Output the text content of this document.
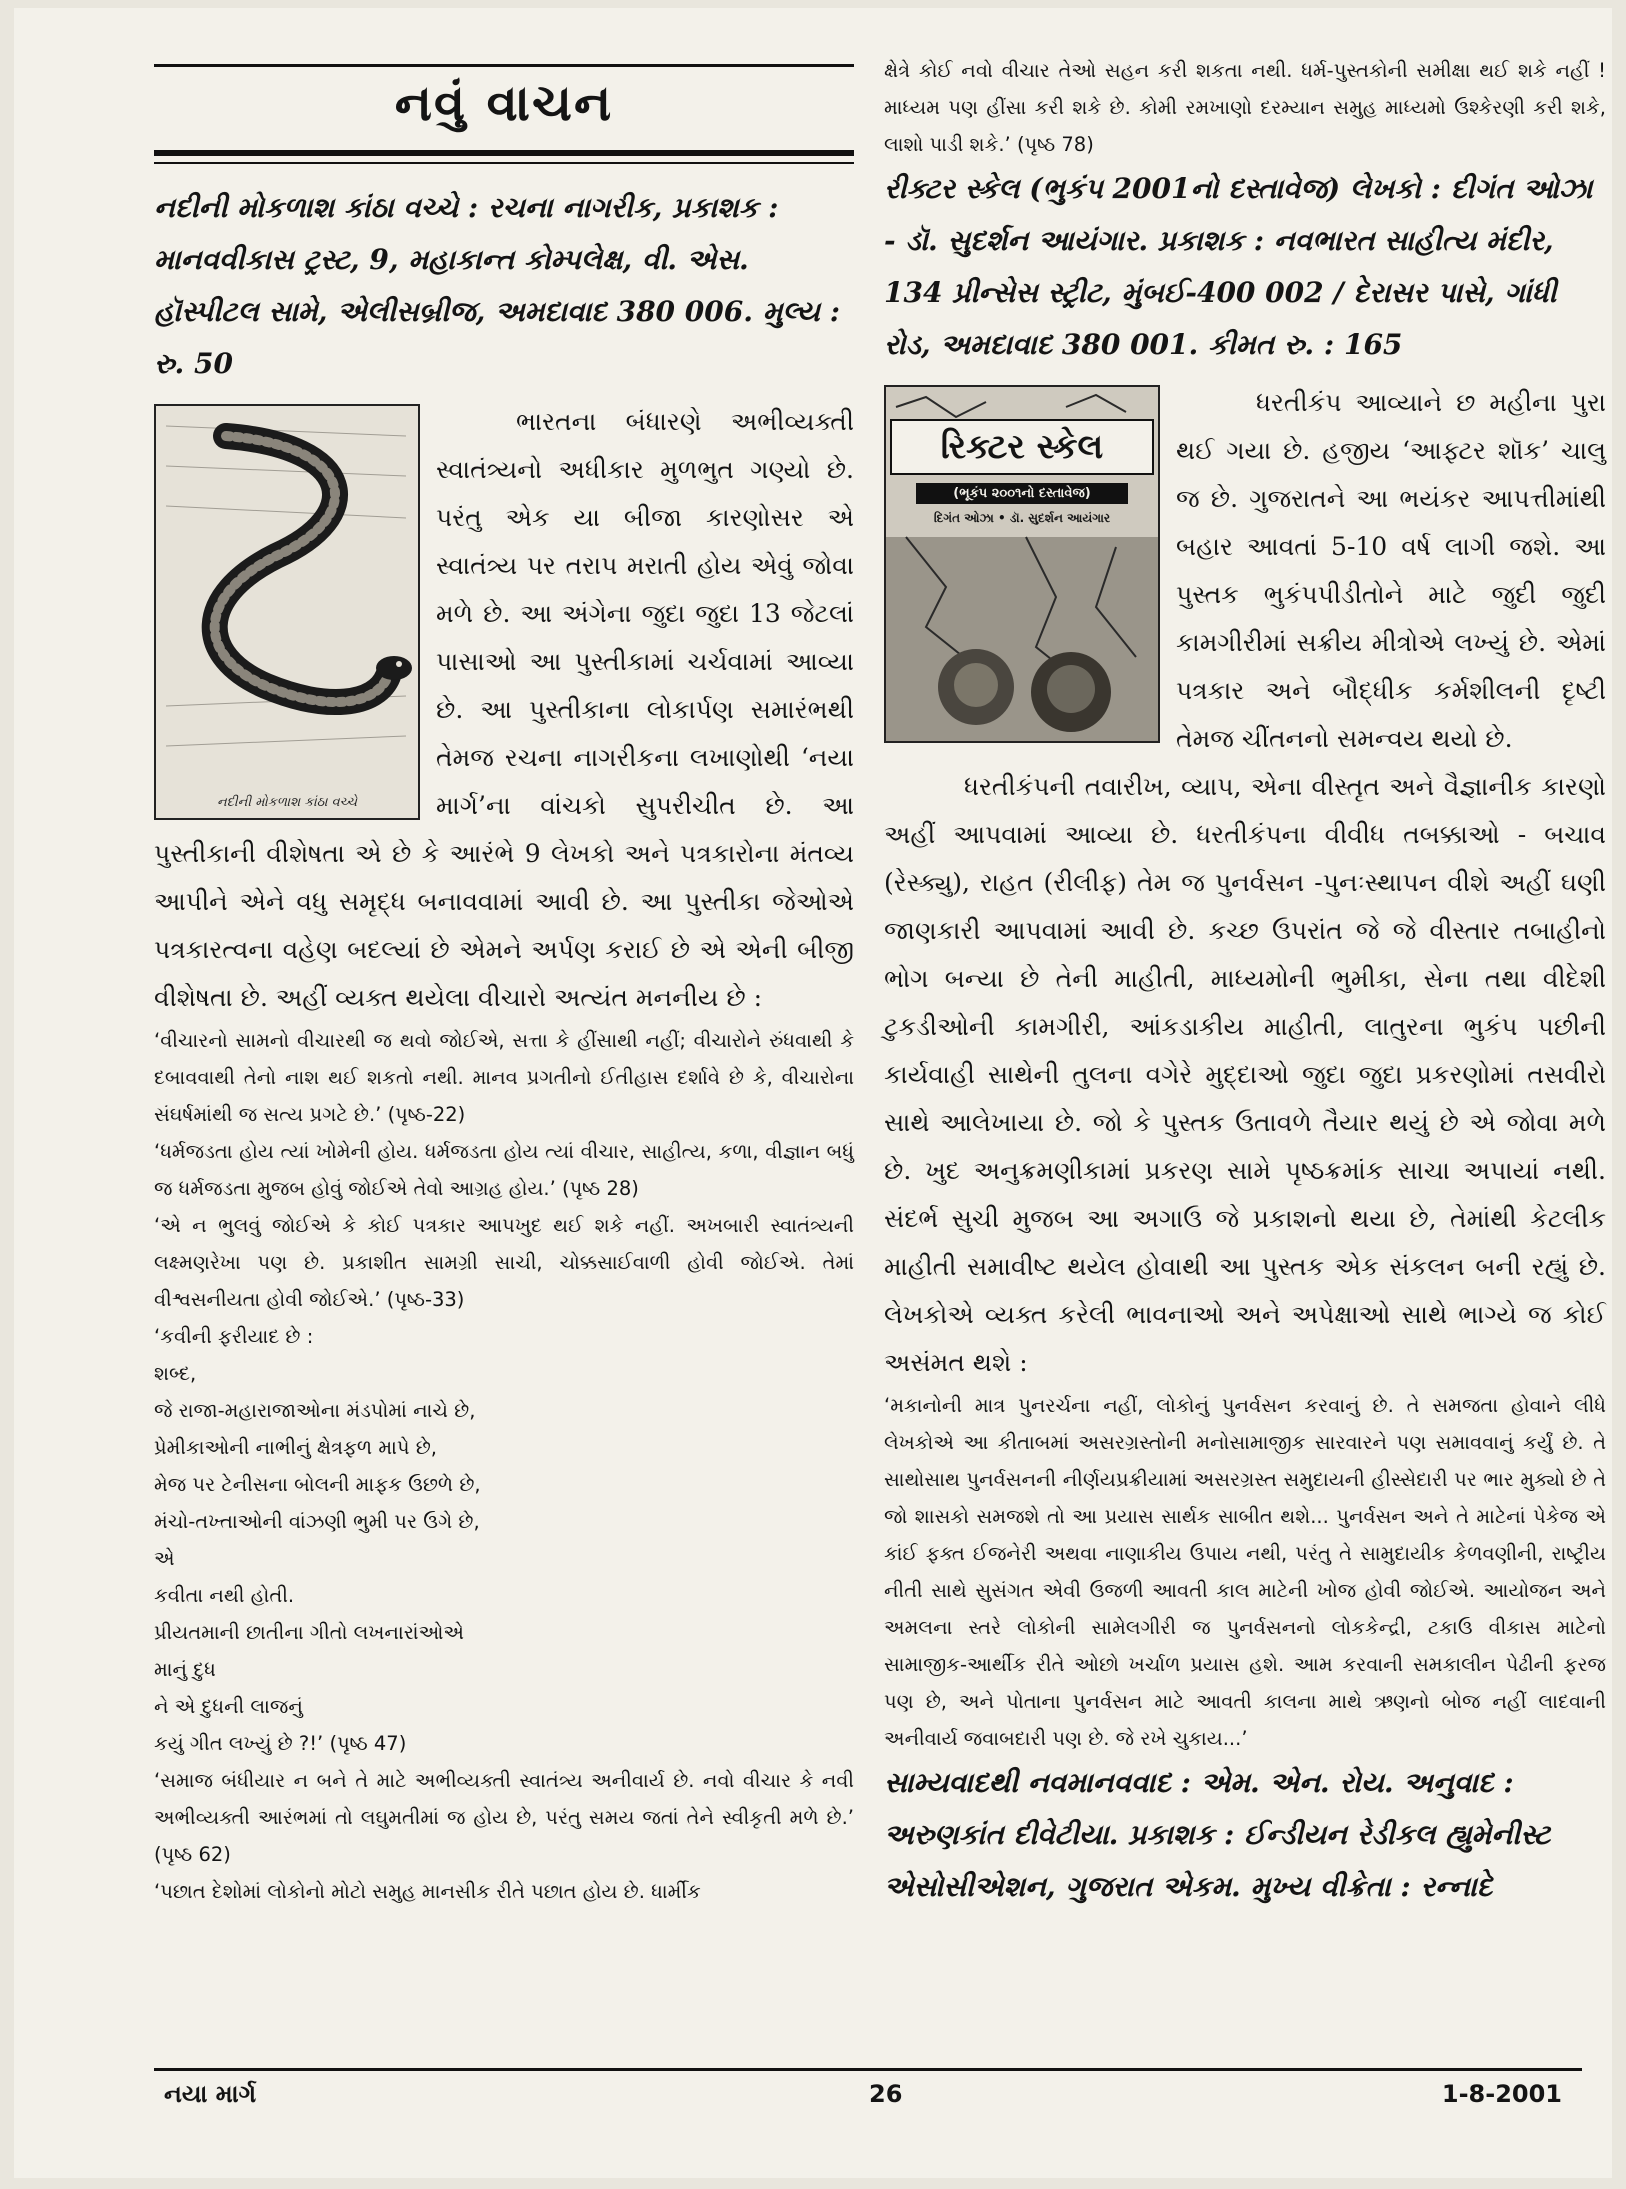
નવું વાચન

નદીની મોકળાશ કાંઠા વચ્ચે : રચના નાગરીક, પ્રકાશક : માનવવીકાસ ટ્રસ્ટ, 9, મહાકાન્ત કોમ્પલેક્ષ, વી. એસ. હૉસ્પીટલ સામે, એલીસબ્રીજ, અમદાવાદ 380 006. મુલ્ય : રુ. 50

નદીની મોકળાશ કાંઠા વચ્ચે

ભારતના બંધારણે અભીવ્યક્તી સ્વાતંત્ર્યનો અધીકાર મુળભુત ગણ્યો છે. પરંતુ એક યા બીજા કારણોસર એ સ્વાતંત્ર્ય પર તરાપ મરાતી હોય એવું જોવા મળે છે. આ અંગેના જુદા જુદા 13 જેટલાં પાસાઓ આ પુસ્તીકામાં ચર્ચવામાં આવ્યા છે. આ પુસ્તીકાના લોકાર્પણ સમારંભથી તેમજ રચના નાગરીકના લખાણોથી ‘નયા માર્ગ’ના વાંચકો સુપરીચીત છે. આ પુસ્તીકાની વીશેષતા એ છે કે આરંભે 9 લેખકો અને પત્રકારોના મંતવ્ય આપીને એને વધુ સમૃદ્ધ બનાવવામાં આવી છે. આ પુસ્તીકા જેઓએ પત્રકારત્વના વહેણ બદલ્યાં છે એમને અર્પણ કરાઈ છે એ એની બીજી વીશેષતા છે. અહીં વ્યક્ત થયેલા વીચારો અત્યંત મનનીય છે :

‘વીચારનો સામનો વીચારથી જ થવો જોઈએ, સત્તા કે હીંસાથી નહીં; વીચારોને રુંધવાથી કે દબાવવાથી તેનો નાશ થઈ શકતો નથી. માનવ પ્રગતીનો ઈતીહાસ દર્શાવે છે કે, વીચારોના સંઘર્ષમાંથી જ સત્ય પ્રગટે છે.’ (પૃષ્ઠ-22)

‘ધર્મજડતા હોય ત્યાં ખોમેની હોય. ધર્મજડતા હોય ત્યાં વીચાર, સાહીત્ય, કળા, વીજ્ઞાન બધું જ ધર્મજડતા મુજબ હોવું જોઈએ તેવો આગ્રહ હોય.’ (પૃષ્ઠ 28)

‘એ ન ભુલવું જોઈએ કે કોઈ પત્રકાર આપખુદ થઈ શકે નહીં. અખબારી સ્વાતંત્ર્યની લક્ષ્મણરેખા પણ છે. પ્રકાશીત સામગ્રી સાચી, ચોક્કસાઈવાળી હોવી જોઈએ. તેમાં વીશ્વસનીયતા હોવી જોઈએ.’ (પૃષ્ઠ-33)

‘કવીની ફરીયાદ છે :
શબ્દ,
જે રાજા-મહારાજાઓના મંડપોમાં નાચે છે,
પ્રેમીકાઓની નાભીનું ક્ષેત્રફળ માપે છે,
મેજ પર ટેનીસના બોલની માફક ઉછળે છે,
મંચો-તખ્તાઓની વાંઝણી ભુમી પર ઉગે છે,
એ
કવીતા નથી હોતી.
પ્રીયતમાની છાતીના ગીતો લખનારાંઓએ
માનું દુધ
ને એ દુધની લાજનું
કયું ગીત લખ્યું છે ?!’ (પૃષ્ઠ 47)

‘સમાજ બંધીયાર ન બને તે માટે અભીવ્યક્તી સ્વાતંત્ર્ય અનીવાર્ય છે. નવો વીચાર કે નવી અભીવ્યક્તી આરંભમાં તો લઘુમતીમાં જ હોય છે, પરંતુ સમય જતાં તેને સ્વીકૃતી મળે છે.’ (પૃષ્ઠ 62)

‘પછાત દેશોમાં લોકોનો મોટો સમુહ માનસીક રીતે પછાત હોય છે. ધાર્મીક

ક્ષેત્રે કોઈ નવો વીચાર તેઓ સહન કરી શકતા નથી. ધર્મ-પુસ્તકોની સમીક્ષા થઈ શકે નહીં ! માધ્યમ પણ હીંસા કરી શકે છે. કોમી રમખાણો દરમ્યાન સમુહ માધ્યમો ઉશ્કેરણી કરી શકે, લાશો પાડી શકે.’ (પૃષ્ઠ 78)

રીક્ટર સ્કેલ (ભુકંપ 2001નો દસ્તાવેજ) લેખકો : દીગંત ઓઝા - ડૉ. સુદર્શન આયંગાર. પ્રકાશક : નવભારત સાહીત્ય મંદીર, 134 પ્રીન્સેસ સ્ટ્રીટ, મુંબઈ-400 002 / દેરાસર પાસે, ગાંધી રોડ, અમદાવાદ 380 001. કીમત રુ. : 165

રિક્ટર સ્કેલ
(ભૂકંપ ૨૦૦૧નો દસ્તાવેજ)
દિગંત ઓઝા • ડૉ. સુદર્શન આયંગાર

ધરતીકંપ આવ્યાને છ મહીના પુરા થઈ ગયા છે. હજીય ‘આફ્ટર શૉક’ ચાલુ જ છે. ગુજરાતને આ ભયંકર આપત્તીમાંથી બહાર આવતાં 5-10 વર્ષ લાગી જશે. આ પુસ્તક ભુકંપપીડીતોને માટે જુદી જુદી કામગીરીમાં સક્રીય મીત્રોએ લખ્યું છે. એમાં પત્રકાર અને બૌદ્ધીક કર્મશીલની દૃષ્ટી તેમજ ચીંતનનો સમન્વય થયો છે.

ધરતીકંપની તવારીખ, વ્યાપ, એના વીસ્તૃત અને વૈજ્ઞાનીક કારણો અહીં આપવામાં આવ્યા છે. ધરતીકંપના વીવીધ તબક્કાઓ ‌- બચાવ (રેસ્ક્યુ), રાહત (રીલીફ) તેમ જ પુનર્વસન -પુનઃસ્થાપન વીશે અહીં ઘણી જાણકારી આપવામાં આવી છે. કચ્છ ઉપરાંત જે જે વીસ્તાર તબાહીનો ભોગ બન્યા છે તેની માહીતી, માધ્યમોની ભુમીકા, સેના તથા વીદેશી ટુકડીઓની કામગીરી, આંકડાકીય માહીતી, લાતુરના ભુકંપ પછીની કાર્યવાહી સાથેની તુલના વગેરે મુદ્દાઓ જુદા જુદા પ્રકરણોમાં તસવીરો સાથે આલેખાયા છે. જો કે પુસ્તક ઉતાવળે તૈયાર થયું છે એ જોવા મળે છે. ખુદ અનુક્રમણીકામાં પ્રકરણ સામે પૃષ્ઠક્રમાંક સાચા અપાયાં નથી. સંદર્ભ સુચી મુજબ આ અગાઉ જે પ્રકાશનો થયા છે, તેમાંથી કેટલીક માહીતી સમાવીષ્ટ થયેલ હોવાથી આ પુસ્તક એક સંકલન બની રહ્યું છે. લેખકોએ વ્યક્ત કરેલી ભાવનાઓ અને અપેક્ષાઓ સાથે ભાગ્યે જ કોઈ અસંમત થશે :

‘મકાનોની માત્ર પુનરર્ચના નહીં, લોકોનું પુનર્વસન કરવાનું છે. તે સમજતા હોવાને લીધે લેખકોએ આ કીતાબમાં અસરગ્રસ્તોની મનોસામાજીક સારવારને પણ સમાવવાનું કર્યું છે. તે સાથોસાથ પુનર્વસનની નીર્ણયપ્રક્રીયામાં અસરગ્રસ્ત સમુદાયની હીસ્સેદારી પર ભાર મુક્યો છે તે જો શાસકો સમજશે તો આ પ્રયાસ સાર્થક સાબીત થશે... પુનર્વસન અને તે માટેનાં પેકેજ એ કાંઈ ફક્ત ઈજનેરી અથવા નાણાકીય ઉપાય નથી, પરંતુ તે સામુદાયીક કેળવણીની, રાષ્ટ્રીય નીતી સાથે સુસંગત એવી ઉજળી આવતી કાલ માટેની ખોજ હોવી જોઈએ. આયોજન અને અમલના સ્તરે લોકોની સામેલગીરી જ પુનર્વસનનો લોકકેન્દ્રી, ટકાઉ વીકાસ માટેનો સામાજીક-આર્થીક રીતે ઓછો ખર્ચાળ પ્રયાસ હશે. આમ કરવાની સમકાલીન પેઢીની ફરજ પણ છે, અને પોતાના પુનર્વસન માટે આવતી કાલના માથે ઋણનો બોજ નહીં લાદવાની અનીવાર્ય જવાબદારી પણ છે. જે રખે ચુકાય...’

સામ્યવાદથી નવમાનવવાદ : એમ. એન. રોય. અનુવાદ : અરુણકાંત દીવેટીયા. પ્રકાશક : ઈન્ડીયન રેડીકલ હ્યુમેનીસ્ટ એસોસીએશન, ગુજરાત એકમ. મુખ્ય વીક્રેતા : રન્નાદે

નયા માર્ગ	26	1-8-2001
